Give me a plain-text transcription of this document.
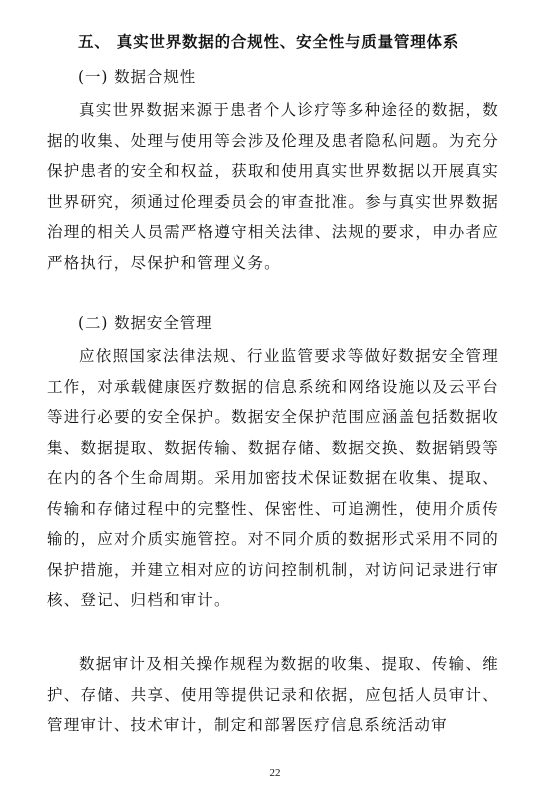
五、 真实世界数据的合规性、安全性与质量管理体系
(一) 数据合规性

真实世界数据来源于患者个人诊疗等多种途径的数据，数据的收集、处理与使用等会涉及伦理及患者隐私问题。为充分保护患者的安全和权益，获取和使用真实世界数据以开展真实世界研究，须通过伦理委员会的审查批准。参与真实世界数据治理的相关人员需严格遵守相关法律、法规的要求，申办者应严格执行，尽保护和管理义务。

(二) 数据安全管理

应依照国家法律法规、行业监管要求等做好数据安全管理工作，对承载健康医疗数据的信息系统和网络设施以及云平台等进行必要的安全保护。数据安全保护范围应涵盖包括数据收集、数据提取、数据传输、数据存储、数据交换、数据销毁等在内的各个生命周期。采用加密技术保证数据在收集、提取、传输和存储过程中的完整性、保密性、可追溯性，使用介质传输的，应对介质实施管控。对不同介质的数据形式采用不同的保护措施，并建立相对应的访问控制机制，对访问记录进行审核、登记、归档和审计。

数据审计及相关操作规程为数据的收集、提取、传输、维护、存储、共享、使用等提供记录和依据，应包括人员审计、管理审计、技术审计，制定和部署医疗信息系统活动审

22
